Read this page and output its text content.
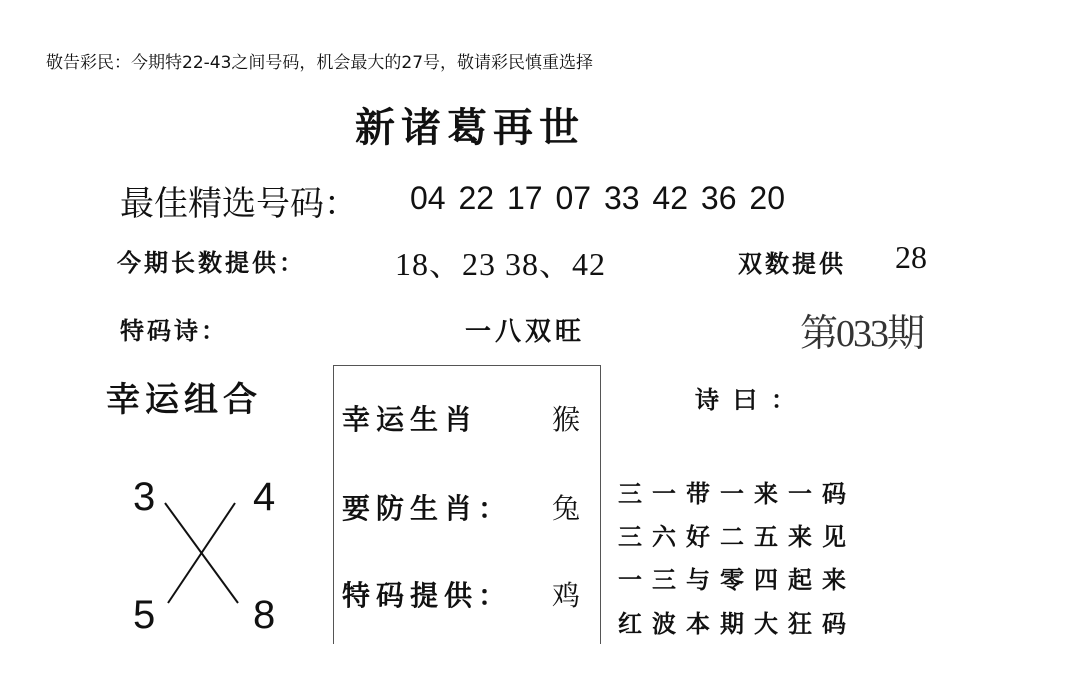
敬告彩民：今期特22-43之间号码，机会最大的27号，敬请彩民慎重选择
新诸葛再世
最佳精选号码： 04 22 17 07 33 42 36 20
今期长数提供：	18、23 38、42	双数提供 28
特码诗：	一八双旺	第033期
幸运组合
3 4
5 8
幸运生肖	猴
要防生肖： 兔
特码提供： 鸡
诗曰：
三一带一来一码
三六好二五来见
一三与零四起来
红波本期大狂码
